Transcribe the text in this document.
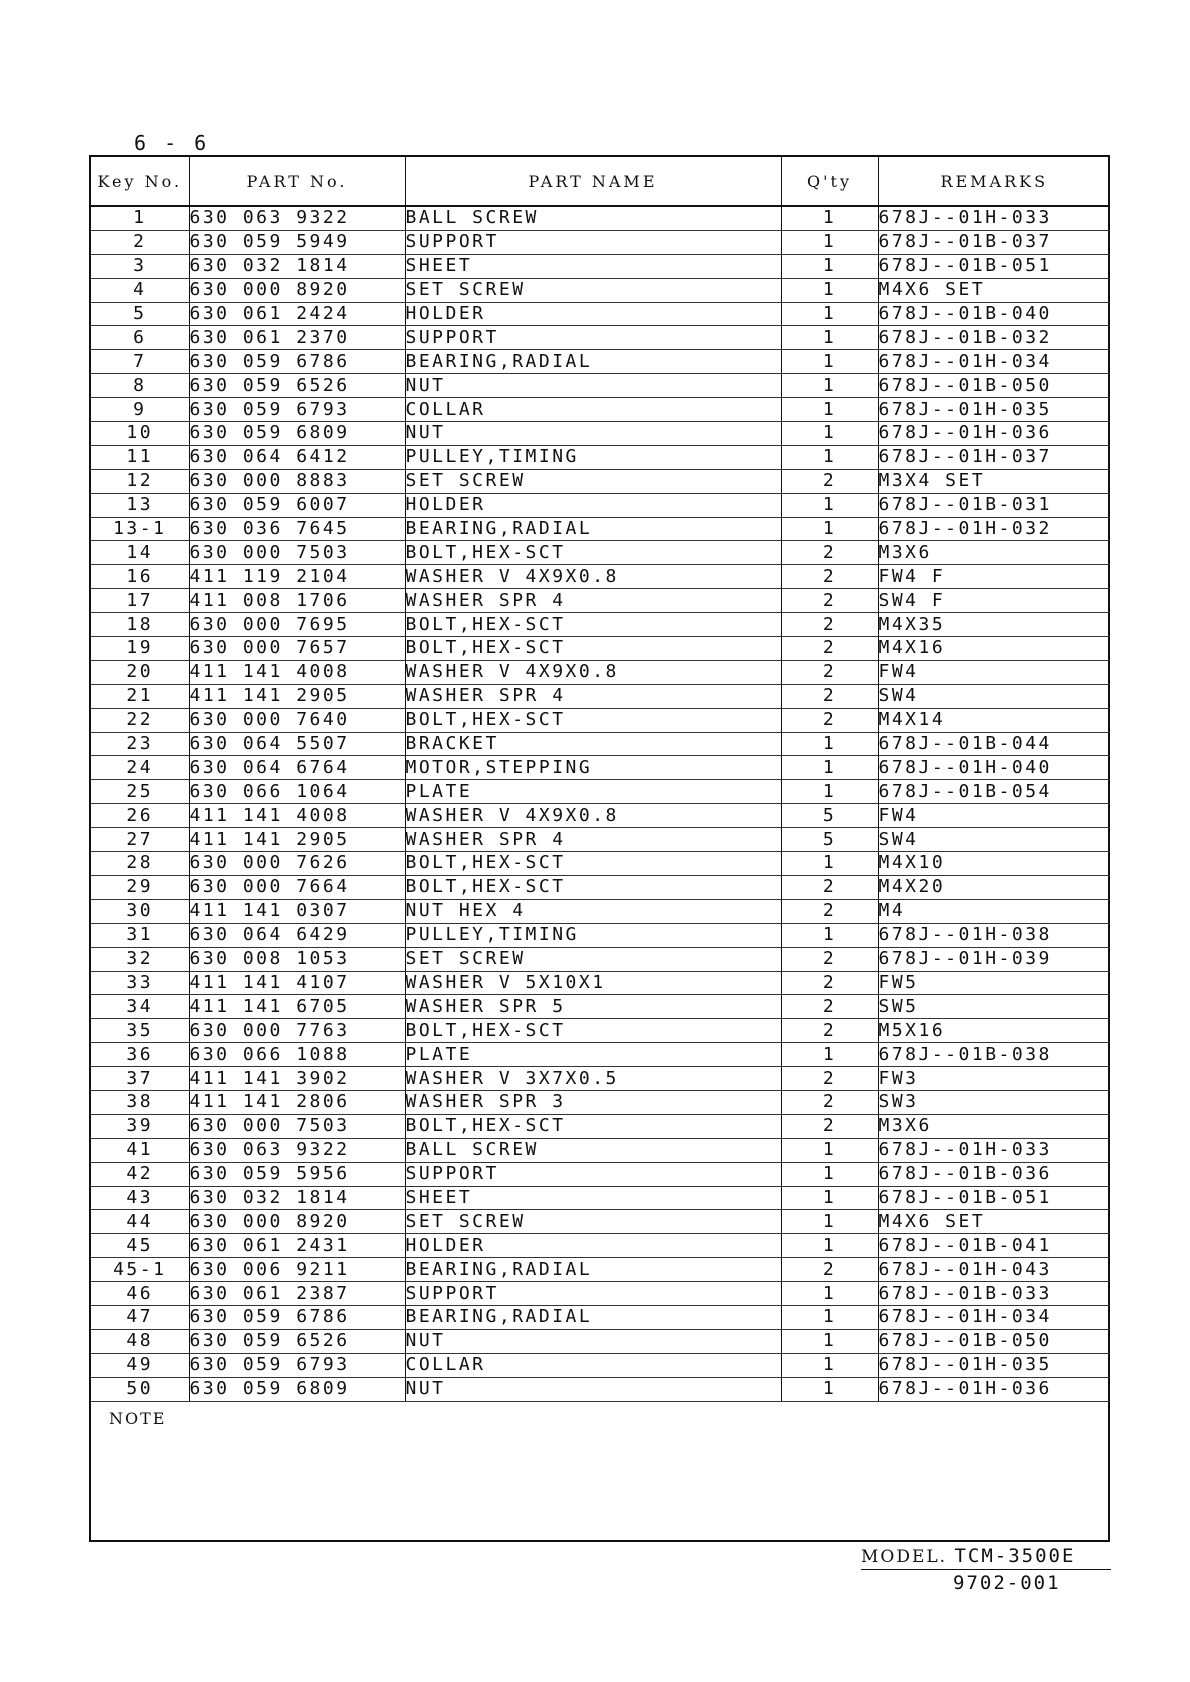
6 - 6
Key No.	PART No.	PART NAME	Q'ty	REMARKS
1	630 063 9322	BALL SCREW	1	678J--01H-033
2	630 059 5949	SUPPORT	1	678J--01B-037
3	630 032 1814	SHEET	1	678J--01B-051
4	630 000 8920	SET SCREW	1	M4X6 SET
5	630 061 2424	HOLDER	1	678J--01B-040
6	630 061 2370	SUPPORT	1	678J--01B-032
7	630 059 6786	BEARING,RADIAL	1	678J--01H-034
8	630 059 6526	NUT	1	678J--01B-050
9	630 059 6793	COLLAR	1	678J--01H-035
10	630 059 6809	NUT	1	678J--01H-036
11	630 064 6412	PULLEY,TIMING	1	678J--01H-037
12	630 000 8883	SET SCREW	2	M3X4 SET
13	630 059 6007	HOLDER	1	678J--01B-031
13-1	630 036 7645	BEARING,RADIAL	1	678J--01H-032
14	630 000 7503	BOLT,HEX-SCT	2	M3X6
16	411 119 2104	WASHER V 4X9X0.8	2	FW4 F
17	411 008 1706	WASHER SPR 4	2	SW4 F
18	630 000 7695	BOLT,HEX-SCT	2	M4X35
19	630 000 7657	BOLT,HEX-SCT	2	M4X16
20	411 141 4008	WASHER V 4X9X0.8	2	FW4
21	411 141 2905	WASHER SPR 4	2	SW4
22	630 000 7640	BOLT,HEX-SCT	2	M4X14
23	630 064 5507	BRACKET	1	678J--01B-044
24	630 064 6764	MOTOR,STEPPING	1	678J--01H-040
25	630 066 1064	PLATE	1	678J--01B-054
26	411 141 4008	WASHER V 4X9X0.8	5	FW4
27	411 141 2905	WASHER SPR 4	5	SW4
28	630 000 7626	BOLT,HEX-SCT	1	M4X10
29	630 000 7664	BOLT,HEX-SCT	2	M4X20
30	411 141 0307	NUT HEX 4	2	M4
31	630 064 6429	PULLEY,TIMING	1	678J--01H-038
32	630 008 1053	SET SCREW	2	678J--01H-039
33	411 141 4107	WASHER V 5X10X1	2	FW5
34	411 141 6705	WASHER SPR 5	2	SW5
35	630 000 7763	BOLT,HEX-SCT	2	M5X16
36	630 066 1088	PLATE	1	678J--01B-038
37	411 141 3902	WASHER V 3X7X0.5	2	FW3
38	411 141 2806	WASHER SPR 3	2	SW3
39	630 000 7503	BOLT,HEX-SCT	2	M3X6
41	630 063 9322	BALL SCREW	1	678J--01H-033
42	630 059 5956	SUPPORT	1	678J--01B-036
43	630 032 1814	SHEET	1	678J--01B-051
44	630 000 8920	SET SCREW	1	M4X6 SET
45	630 061 2431	HOLDER	1	678J--01B-041
45-1	630 006 9211	BEARING,RADIAL	2	678J--01H-043
46	630 061 2387	SUPPORT	1	678J--01B-033
47	630 059 6786	BEARING,RADIAL	1	678J--01H-034
48	630 059 6526	NUT	1	678J--01B-050
49	630 059 6793	COLLAR	1	678J--01H-035
50	630 059 6809	NUT	1	678J--01H-036
NOTE
MODEL. TCM-3500E
9702-001
